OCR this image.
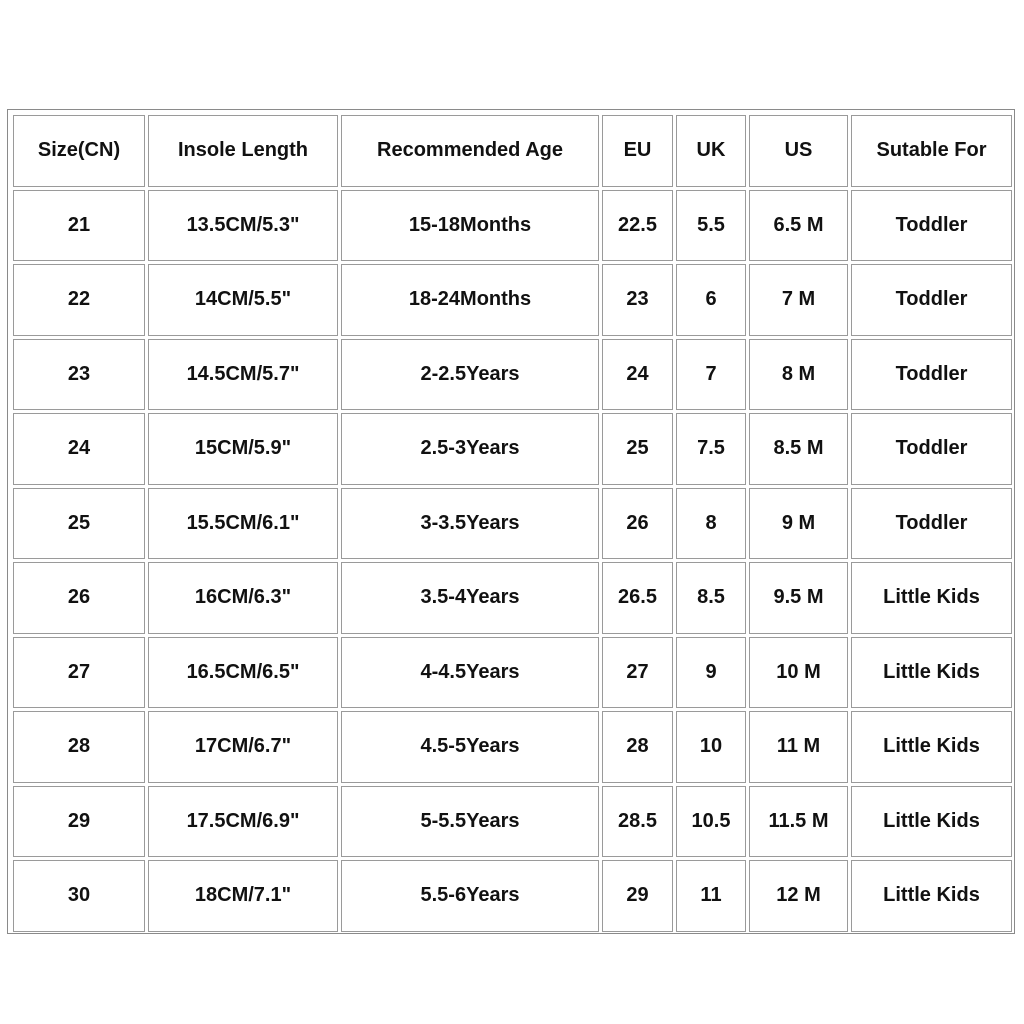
Size(CN)	Insole Length	Recommended Age	EU	UK	US	Sutable For
21	13.5CM/5.3"	15-18Months	22.5	5.5	6.5 M	Toddler
22	14CM/5.5"	18-24Months	23	6	7 M	Toddler
23	14.5CM/5.7"	2-2.5Years	24	7	8 M	Toddler
24	15CM/5.9"	2.5-3Years	25	7.5	8.5 M	Toddler
25	15.5CM/6.1"	3-3.5Years	26	8	9 M	Toddler
26	16CM/6.3"	3.5-4Years	26.5	8.5	9.5 M	Little Kids
27	16.5CM/6.5"	4-4.5Years	27	9	10 M	Little Kids
28	17CM/6.7"	4.5-5Years	28	10	11 M	Little Kids
29	17.5CM/6.9"	5-5.5Years	28.5	10.5	11.5 M	Little Kids
30	18CM/7.1"	5.5-6Years	29	11	12 M	Little Kids
